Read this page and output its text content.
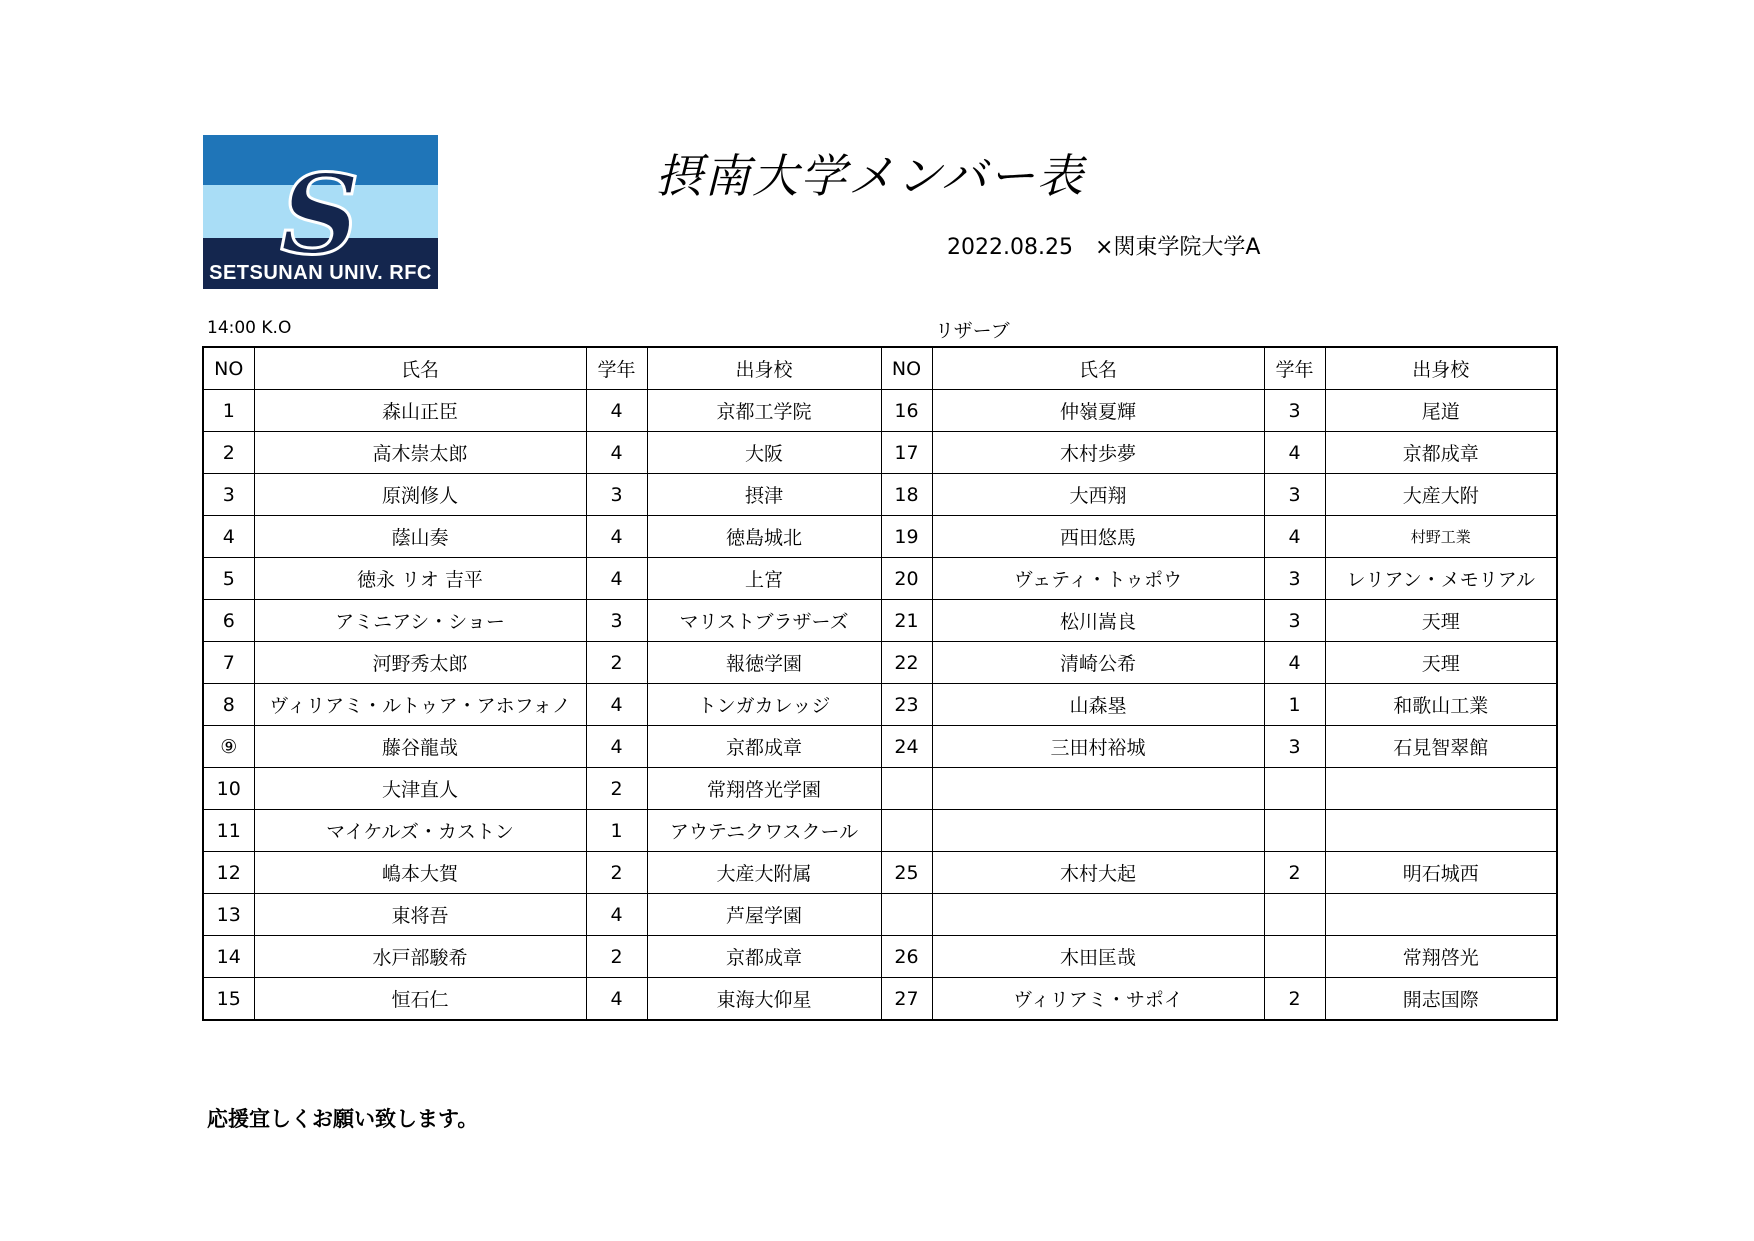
S
SETSUNAN UNIV. RFC
摂南大学メンバー表
2022.08.25　×関東学院大学A
14:00 K.O	リザーブ
NO	氏名	学年	出身校	NO	氏名	学年	出身校
1	森山正臣	4	京都工学院	16	仲嶺夏輝	3	尾道
2	高木崇太郎	4	大阪	17	木村歩夢	4	京都成章
3	原渕修人	3	摂津	18	大西翔	3	大産大附
4	蔭山奏	4	徳島城北	19	西田悠馬	4	村野工業
5	徳永 リオ 吉平	4	上宮	20	ヴェティ・トゥポウ	3	レリアン・メモリアル
6	アミニアシ・ショー	3	マリストブラザーズ	21	松川嵩良	3	天理
7	河野秀太郎	2	報徳学園	22	清崎公希	4	天理
8	ヴィリアミ・ルトゥア・アホフォノ	4	トンガカレッジ	23	山森塁	1	和歌山工業
⑨	藤谷龍哉	4	京都成章	24	三田村裕城	3	石見智翠館
10	大津直人	2	常翔啓光学園				
11	マイケルズ・カストン	1	アウテニクワスクール				
12	嶋本大賀	2	大産大附属	25	木村大起	2	明石城西
13	東将吾	4	芦屋学園				
14	水戸部駿希	2	京都成章	26	木田匡哉		常翔啓光
15	恒石仁	4	東海大仰星	27	ヴィリアミ・サポイ	2	開志国際
応援宜しくお願い致します。
